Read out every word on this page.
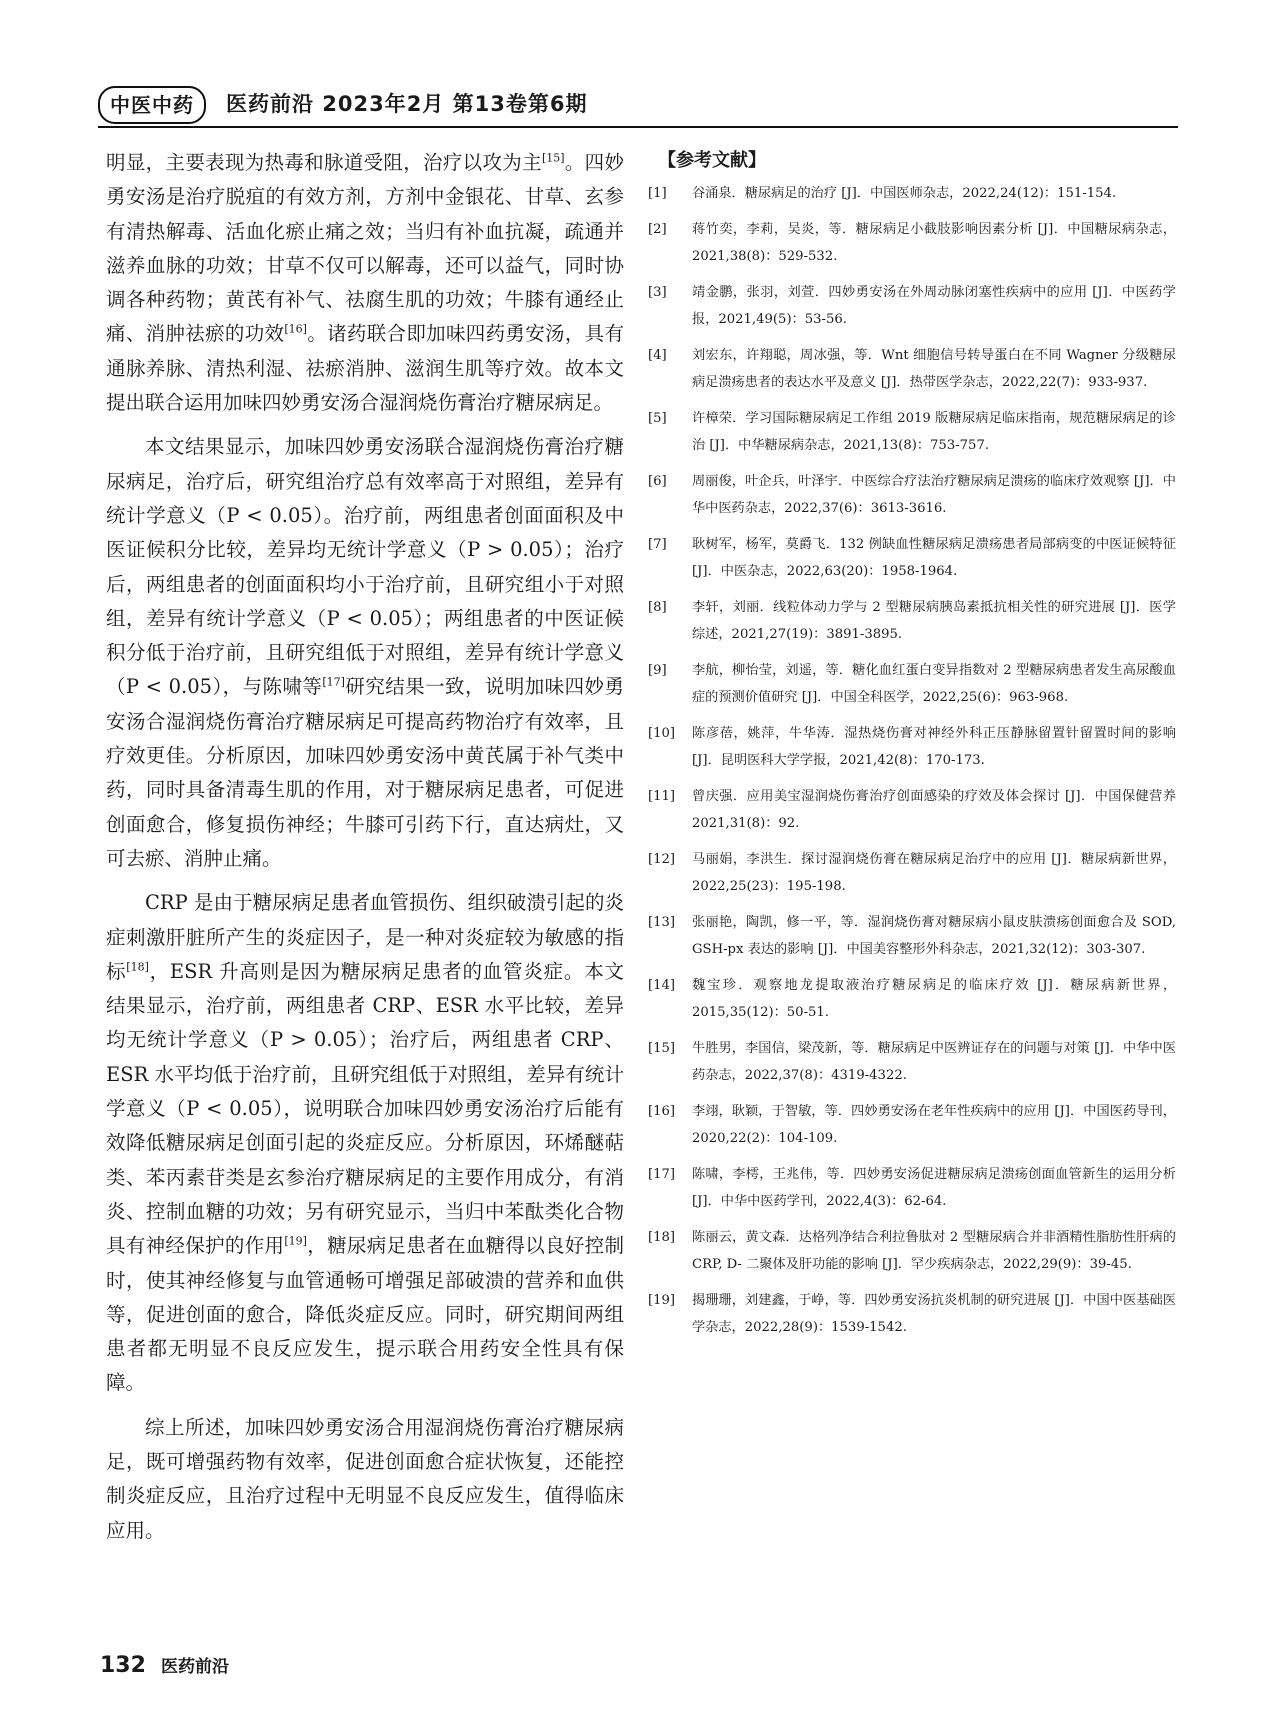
中医中药	医药前沿 2023年2月 第13卷第6期

明显，主要表现为热毒和脉道受阻，治疗以攻为主[15]。四妙勇安汤是治疗脱疽的有效方剂，方剂中金银花、甘草、玄参有清热解毒、活血化瘀止痛之效；当归有补血抗凝，疏通并滋养血脉的功效；甘草不仅可以解毒，还可以益气，同时协调各种药物；黄芪有补气、祛腐生肌的功效；牛膝有通经止痛、消肿祛瘀的功效[16]。诸药联合即加味四药勇安汤，具有通脉养脉、清热利湿、祛瘀消肿、滋润生肌等疗效。故本文提出联合运用加味四妙勇安汤合湿润烧伤膏治疗糖尿病足。

本文结果显示，加味四妙勇安汤联合湿润烧伤膏治疗糖尿病足，治疗后，研究组治疗总有效率高于对照组，差异有统计学意义（P < 0.05）。治疗前，两组患者创面面积及中医证候积分比较，差异均无统计学意义（P > 0.05）；治疗后，两组患者的创面面积均小于治疗前，且研究组小于对照组，差异有统计学意义（P < 0.05）；两组患者的中医证候积分低于治疗前，且研究组低于对照组，差异有统计学意义（P < 0.05），与陈啸等[17]研究结果一致，说明加味四妙勇安汤合湿润烧伤膏治疗糖尿病足可提高药物治疗有效率，且疗效更佳。分析原因，加味四妙勇安汤中黄芪属于补气类中药，同时具备清毒生肌的作用，对于糖尿病足患者，可促进创面愈合，修复损伤神经；牛膝可引药下行，直达病灶，又可去瘀、消肿止痛。

CRP 是由于糖尿病足患者血管损伤、组织破溃引起的炎症刺激肝脏所产生的炎症因子，是一种对炎症较为敏感的指标[18]，ESR 升高则是因为糖尿病足患者的血管炎症。本文结果显示，治疗前，两组患者 CRP、ESR 水平比较，差异均无统计学意义（P > 0.05）；治疗后，两组患者 CRP、ESR 水平均低于治疗前，且研究组低于对照组，差异有统计学意义（P < 0.05），说明联合加味四妙勇安汤治疗后能有效降低糖尿病足创面引起的炎症反应。分析原因，环烯醚萜类、苯丙素苷类是玄参治疗糖尿病足的主要作用成分，有消炎、控制血糖的功效；另有研究显示，当归中苯酞类化合物具有神经保护的作用[19]，糖尿病足患者在血糖得以良好控制时，使其神经修复与血管通畅可增强足部破溃的营养和血供等，促进创面的愈合，降低炎症反应。同时，研究期间两组患者都无明显不良反应发生，提示联合用药安全性具有保障。

综上所述，加味四妙勇安汤合用湿润烧伤膏治疗糖尿病足，既可增强药物有效率，促进创面愈合症状恢复，还能控制炎症反应，且治疗过程中无明显不良反应发生，值得临床应用。

【参考文献】
[1]	谷涌泉．糖尿病足的治疗 [J]．中国医师杂志，2022,24(12)：151-154.
[2]	蒋竹奕，李莉，吴炎，等．糖尿病足小截肢影响因素分析 [J]．中国糖尿病杂志，2021,38(8)：529-532.
[3]	靖金鹏，张羽，刘萱．四妙勇安汤在外周动脉闭塞性疾病中的应用 [J]．中医药学报，2021,49(5)：53-56.
[4]	刘宏东，许翔聪，周冰强，等．Wnt 细胞信号转导蛋白在不同 Wagner 分级糖尿病足溃疡患者的表达水平及意义 [J]．热带医学杂志，2022,22(7)：933-937.
[5]	许樟荣．学习国际糖尿病足工作组 2019 版糖尿病足临床指南，规范糖尿病足的诊治 [J]．中华糖尿病杂志，2021,13(8)：753-757.
[6]	周丽俊，叶企兵，叶泽宇．中医综合疗法治疗糖尿病足溃疡的临床疗效观察 [J]．中华中医药杂志，2022,37(6)：3613-3616.
[7]	耿树军，杨军，莫爵飞．132 例缺血性糖尿病足溃疡患者局部病变的中医证候特征 [J]．中医杂志，2022,63(20)：1958-1964.
[8]	李轩，刘丽．线粒体动力学与 2 型糖尿病胰岛素抵抗相关性的研究进展 [J]．医学综述，2021,27(19)：3891-3895.
[9]	李航，柳怡莹，刘遥，等．糖化血红蛋白变异指数对 2 型糖尿病患者发生高尿酸血症的预测价值研究 [J]．中国全科医学，2022,25(6)：963-968.
[10]	陈彦蓓，姚萍，牛华涛．湿热烧伤膏对神经外科正压静脉留置针留置时间的影响 [J]．昆明医科大学学报，2021,42(8)：170-173.
[11]	曾庆强．应用美宝湿润烧伤膏治疗创面感染的疗效及体会探讨 [J]．中国保健营养 2021,31(8)：92.
[12]	马丽娟，李洪生．探讨湿润烧伤膏在糖尿病足治疗中的应用 [J]．糖尿病新世界，2022,25(23)：195-198.
[13]	张丽艳，陶凯，修一平，等．湿润烧伤膏对糖尿病小鼠皮肤溃疡创面愈合及 SOD, GSH-px 表达的影响 [J]．中国美容整形外科杂志，2021,32(12)：303-307.
[14]	魏宝珍．观察地龙提取液治疗糖尿病足的临床疗效 [J]．糖尿病新世界，2015,35(12)：50-51.
[15]	牛胜男，李国信，梁茂新，等．糖尿病足中医辨证存在的问题与对策 [J]．中华中医药杂志，2022,37(8)：4319-4322.
[16]	李翊，耿颖，于智敏，等．四妙勇安汤在老年性疾病中的应用 [J]．中国医药导刊，2020,22(2)：104-109.
[17]	陈啸，李樗，王兆伟，等．四妙勇安汤促进糖尿病足溃疡创面血管新生的运用分析 [J]．中华中医药学刊，2022,4(3)：62-64.
[18]	陈丽云，黄文森．达格列净结合利拉鲁肽对 2 型糖尿病合并非酒精性脂肪性肝病的 CRP, D- 二聚体及肝功能的影响 [J]．罕少疾病杂志，2022,29(9)：39-45.
[19]	揭珊珊，刘建鑫，于峥，等．四妙勇安汤抗炎机制的研究进展 [J]．中国中医基础医学杂志，2022,28(9)：1539-1542.
132 医药前沿
